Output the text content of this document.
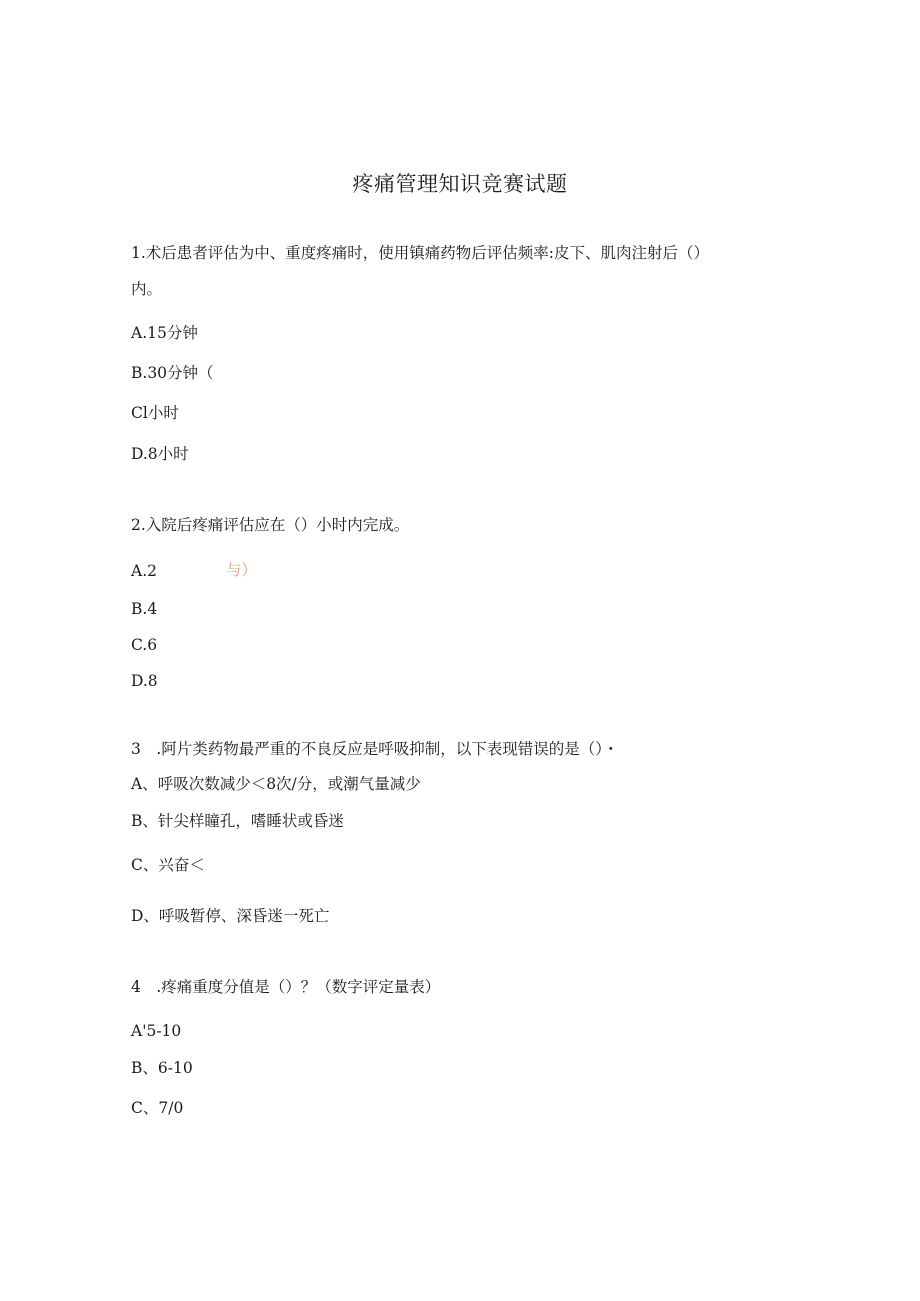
疼痛管理知识竞赛试题
1.术后患者评估为中、重度疼痛时，使用镇痛药物后评估频率:皮下、肌肉注射后（）
内。
A.15分钟
B.30分钟（
Cl小时
D.8小时
2.入院后疼痛评估应在（）小时内完成。
A.2	与）
B.4
C.6
D.8
3　.阿片类药物最严重的不良反应是呼吸抑制，以下表现错误的是（）・
A、呼吸次数减少＜8次/分，或潮气量减少
B、针尖样瞳孔，嗜睡状或昏迷
C、兴奋＜
D、呼吸暂停、深昏迷一死亡
4　.疼痛重度分值是（）？（数字评定量表）
A'5-10
B、6-10
C、7/0
